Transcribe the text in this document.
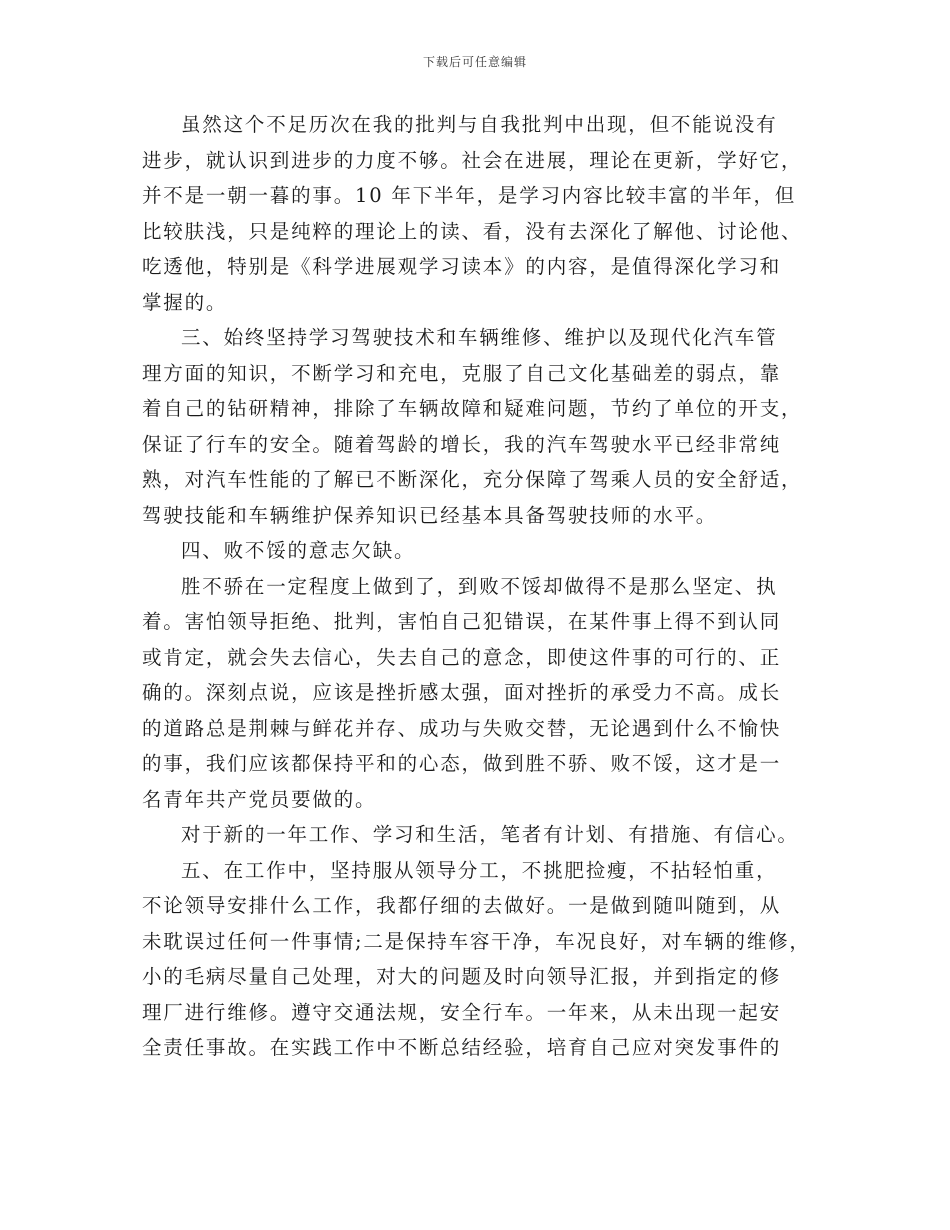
下载后可任意编辑

虽然这个不足历次在我的批判与自我批判中出现，但不能说没有

进步，就认识到进步的力度不够。社会在进展，理论在更新，学好它，

并不是一朝一暮的事。10 年下半年，是学习内容比较丰富的半年，但

比较肤浅，只是纯粹的理论上的读、看，没有去深化了解他、讨论他、

吃透他，特别是《科学进展观学习读本》的内容，是值得深化学习和

掌握的。

三、始终坚持学习驾驶技术和车辆维修、维护以及现代化汽车管

理方面的知识，不断学习和充电，克服了自己文化基础差的弱点，靠

着自己的钻研精神，排除了车辆故障和疑难问题，节约了单位的开支，

保证了行车的安全。随着驾龄的增长，我的汽车驾驶水平已经非常纯

熟，对汽车性能的了解已不断深化，充分保障了驾乘人员的安全舒适，

驾驶技能和车辆维护保养知识已经基本具备驾驶技师的水平。

四、败不馁的意志欠缺。

胜不骄在一定程度上做到了，到败不馁却做得不是那么坚定、执

着。害怕领导拒绝、批判，害怕自己犯错误，在某件事上得不到认同

或肯定，就会失去信心，失去自己的意念，即使这件事的可行的、正

确的。深刻点说，应该是挫折感太强，面对挫折的承受力不高。成长

的道路总是荆棘与鲜花并存、成功与失败交替，无论遇到什么不愉快

的事，我们应该都保持平和的心态，做到胜不骄、败不馁，这才是一

名青年共产党员要做的。

对于新的一年工作、学习和生活，笔者有计划、有措施、有信心。

五、在工作中，坚持服从领导分工，不挑肥捡瘦，不拈轻怕重，

不论领导安排什么工作，我都仔细的去做好。一是做到随叫随到，从

未耽误过任何一件事情;二是保持车容干净，车况良好，对车辆的维修，

小的毛病尽量自己处理，对大的问题及时向领导汇报，并到指定的修

理厂进行维修。遵守交通法规，安全行车。一年来，从未出现一起安

全责任事故。在实践工作中不断总结经验，培育自己应对突发事件的
